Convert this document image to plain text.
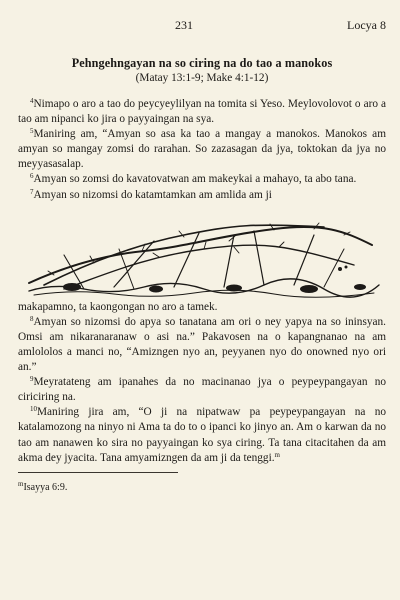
231	Locya 8
Pehngehngayan na so ciring na do tao a manokos
(Matay 13:1-9; Make 4:1-12)

$^4$Nimapo o aro a tao do peycyeylilyan na tomita si Yeso. Meylovolovot o aro a tao am nipanci ko jira o payyaingan na sya.

$^5$Maniring am, “Amyan so asa ka tao a mangay a manokos. Manokos am amyan so mangay zomsi do rarahan. So zazasagan da jya, toktokan da jya no meyyasasalap.

$^6$Amyan so zomsi do kavatovatwan am makeykai a mahayo, ta abo tana.

$^7$Amyan so nizomsi do katamtamkan am amlida am ji

makapamno, ta kaongongan no aro a tamek.

$^8$Amyan so nizomsi do apya so tanatana am ori o ney yapya na so ininsyan. Omsi am nikaranaranaw o asi na.” Pakavosen na o kapangnanao na am amlololos a manci no, “Amizngen nyo an, peyyanen nyo do onowned nyo ori an.”

$^9$Meyratateng am ipanahes da no macinanao jya o peypeypangayan no ciriciring na.

$^{10}$Maniring jira am, “O ji na nipatwaw pa peypeypangayan na no katalamozong na ninyo ni Ama ta do to o ipanci ko jinyo an. Am o karwan da no tao am nanawen ko sira no payyaingan ko sya ciring. Ta tana citacitahen da am akma dey jyacita. Tana amyamizngen da am ji da tenggi.$^m$

$^m$Isayya 6:9.
